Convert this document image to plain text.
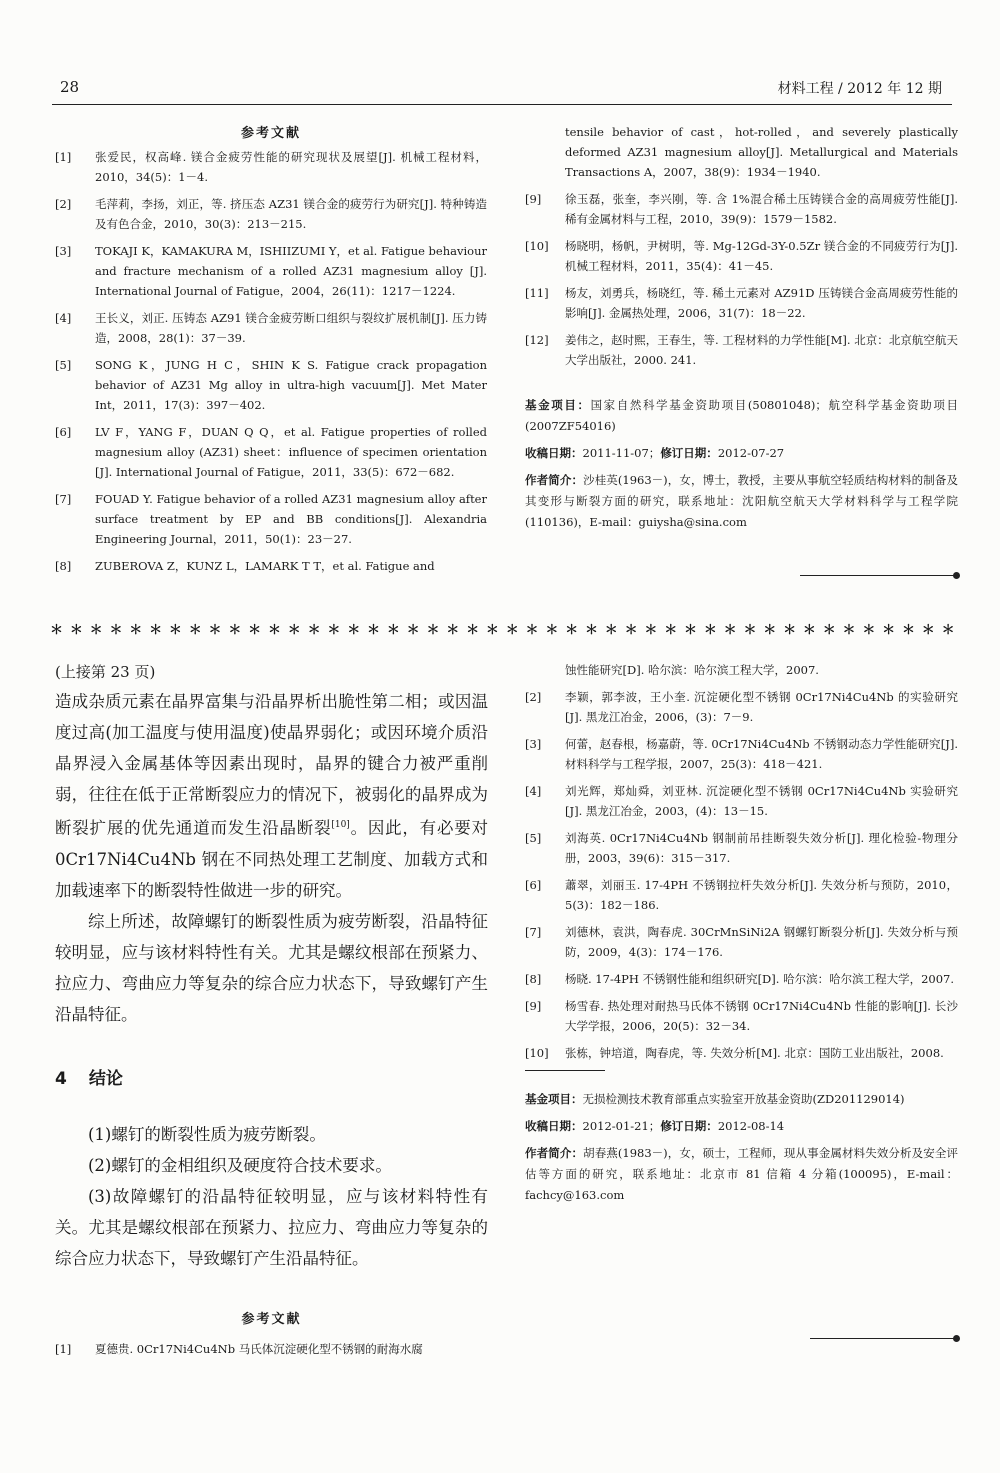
28	材料工程 / 2012 年 12 期
参考文献
[1] 张爱民，权高峰. 镁合金疲劳性能的研究现状及展望[J]. 机械工程材料，2010，34(5)：1－4.
[2] 毛萍莉，李扬，刘正，等. 挤压态 AZ31 镁合金的疲劳行为研究[J]. 特种铸造及有色合金，2010，30(3)：213－215.
[3] TOKAJI K，KAMAKURA M，ISHIIZUMI Y，et al. Fatigue behaviour and fracture mechanism of a rolled AZ31 magnesium alloy [J]. International Journal of Fatigue，2004，26(11)：1217－1224.
[4] 王长义，刘正. 压铸态 AZ91 镁合金疲劳断口组织与裂纹扩展机制[J]. 压力铸造，2008，28(1)：37－39.
[5] SONG K，JUNG H C，SHIN K S. Fatigue crack propagation behavior of AZ31 Mg alloy in ultra-high vacuum[J]. Met Mater Int，2011，17(3)：397－402.
[6] LV F，YANG F，DUAN Q Q，et al. Fatigue properties of rolled magnesium alloy (AZ31) sheet：influence of specimen orientation [J]. International Journal of Fatigue，2011，33(5)：672－682.
[7] FOUAD Y. Fatigue behavior of a rolled AZ31 magnesium alloy after surface treatment by EP and BB conditions[J]. Alexandria Engineering Journal，2011，50(1)：23－27.
[8] ZUBEROVA Z，KUNZ L，LAMARK T T，et al. Fatigue and
tensile behavior of cast，hot-rolled，and severely plastically deformed AZ31 magnesium alloy[J]. Metallurgical and Materials Transactions A，2007，38(9)：1934－1940.
[9] 徐玉磊，张奎，李兴刚，等. 含 1%混合稀土压铸镁合金的高周疲劳性能[J]. 稀有金属材料与工程，2010，39(9)：1579－1582.
[10] 杨晓明，杨帆，尹树明，等. Mg-12Gd-3Y-0.5Zr 镁合金的不同疲劳行为[J]. 机械工程材料，2011，35(4)：41－45.
[11] 杨友，刘勇兵，杨晓红，等. 稀土元素对 AZ91D 压铸镁合金高周疲劳性能的影响[J]. 金属热处理，2006，31(7)：18－22.
[12] 姜伟之，赵时熙，王春生，等. 工程材料的力学性能[M]. 北京：北京航空航天大学出版社，2000. 241.
基金项目：国家自然科学基金资助项目(50801048)；航空科学基金资助项目(2007ZF54016)
收稿日期：2011-11-07；修订日期：2012-07-27
作者简介：沙桂英(1963－)，女，博士，教授，主要从事航空轻质结构材料的制备及其变形与断裂方面的研究，联系地址：沈阳航空航天大学材料科学与工程学院(110136)，E-mail：guiysha@sina.com
＊ ＊ ＊ ＊ ＊ ＊ ＊ ＊ ＊ ＊ ＊ ＊ ＊ ＊ ＊ ＊ ＊ ＊ ＊ ＊ ＊ ＊ ＊ ＊ ＊ ＊ ＊ ＊ ＊ ＊ ＊ ＊ ＊ ＊ ＊ ＊ ＊ ＊ ＊ ＊ ＊ ＊ ＊ ＊ ＊ ＊
(上接第 23 页)

造成杂质元素在晶界富集与沿晶界析出脆性第二相；或因温度过高(加工温度与使用温度)使晶界弱化；或因环境介质沿晶界浸入金属基体等因素出现时，晶界的键合力被严重削弱，往往在低于正常断裂应力的情况下，被弱化的晶界成为断裂扩展的优先通道而发生沿晶断裂[10]。因此，有必要对 0Cr17Ni4Cu4Nb 钢在不同热处理工艺制度、加载方式和加载速率下的断裂特性做进一步的研究。

综上所述，故障螺钉的断裂性质为疲劳断裂，沿晶特征较明显，应与该材料特性有关。尤其是螺纹根部在预紧力、拉应力、弯曲应力等复杂的综合应力状态下，导致螺钉产生沿晶特征。

4 结论

(1)螺钉的断裂性质为疲劳断裂。

(2)螺钉的金相组织及硬度符合技术要求。

(3)故障螺钉的沿晶特征较明显，应与该材料特性有关。尤其是螺纹根部在预紧力、拉应力、弯曲应力等复杂的综合应力状态下，导致螺钉产生沿晶特征。

参考文献
[1] 夏德贵. 0Cr17Ni4Cu4Nb 马氏体沉淀硬化型不锈钢的耐海水腐
蚀性能研究[D]. 哈尔滨：哈尔滨工程大学，2007.
[2] 李颖，郭李波，王小奎. 沉淀硬化型不锈钢 0Cr17Ni4Cu4Nb 的实验研究[J]. 黑龙江冶金，2006，(3)：7－9.
[3] 何蕾，赵春根，杨嘉蔚，等. 0Cr17Ni4Cu4Nb 不锈钢动态力学性能研究[J]. 材料科学与工程学报，2007，25(3)：418－421.
[4] 刘光辉，郑灿舜，刘亚林. 沉淀硬化型不锈钢 0Cr17Ni4Cu4Nb 实验研究[J]. 黑龙江冶金，2003，(4)：13－15.
[5] 刘海英. 0Cr17Ni4Cu4Nb 钢制前吊挂断裂失效分析[J]. 理化检验-物理分册，2003，39(6)：315－317.
[6] 蕭翠，刘丽玉. 17-4PH 不锈钢拉杆失效分析[J]. 失效分析与预防，2010，5(3)：182－186.
[7] 刘德林，袁洪，陶春虎. 30CrMnSiNi2A 钢螺钉断裂分析[J]. 失效分析与预防，2009，4(3)：174－176.
[8] 杨晓. 17-4PH 不锈钢性能和组织研究[D]. 哈尔滨：哈尔滨工程大学，2007.
[9] 杨雪春. 热处理对耐热马氏体不锈钢 0Cr17Ni4Cu4Nb 性能的影响[J]. 长沙大学学报，2006，20(5)：32－34.
[10] 张栋，钟培道，陶春虎，等. 失效分析[M]. 北京：国防工业出版社，2008.
基金项目：无损检测技术教育部重点实验室开放基金资助(ZD201129014)
收稿日期：2012-01-21；修订日期：2012-08-14
作者简介：胡春燕(1983－)，女，硕士，工程师，现从事金属材料失效分析及安全评估等方面的研究，联系地址：北京市 81 信箱 4 分箱(100095)，E-mail：fachcy@163.com
